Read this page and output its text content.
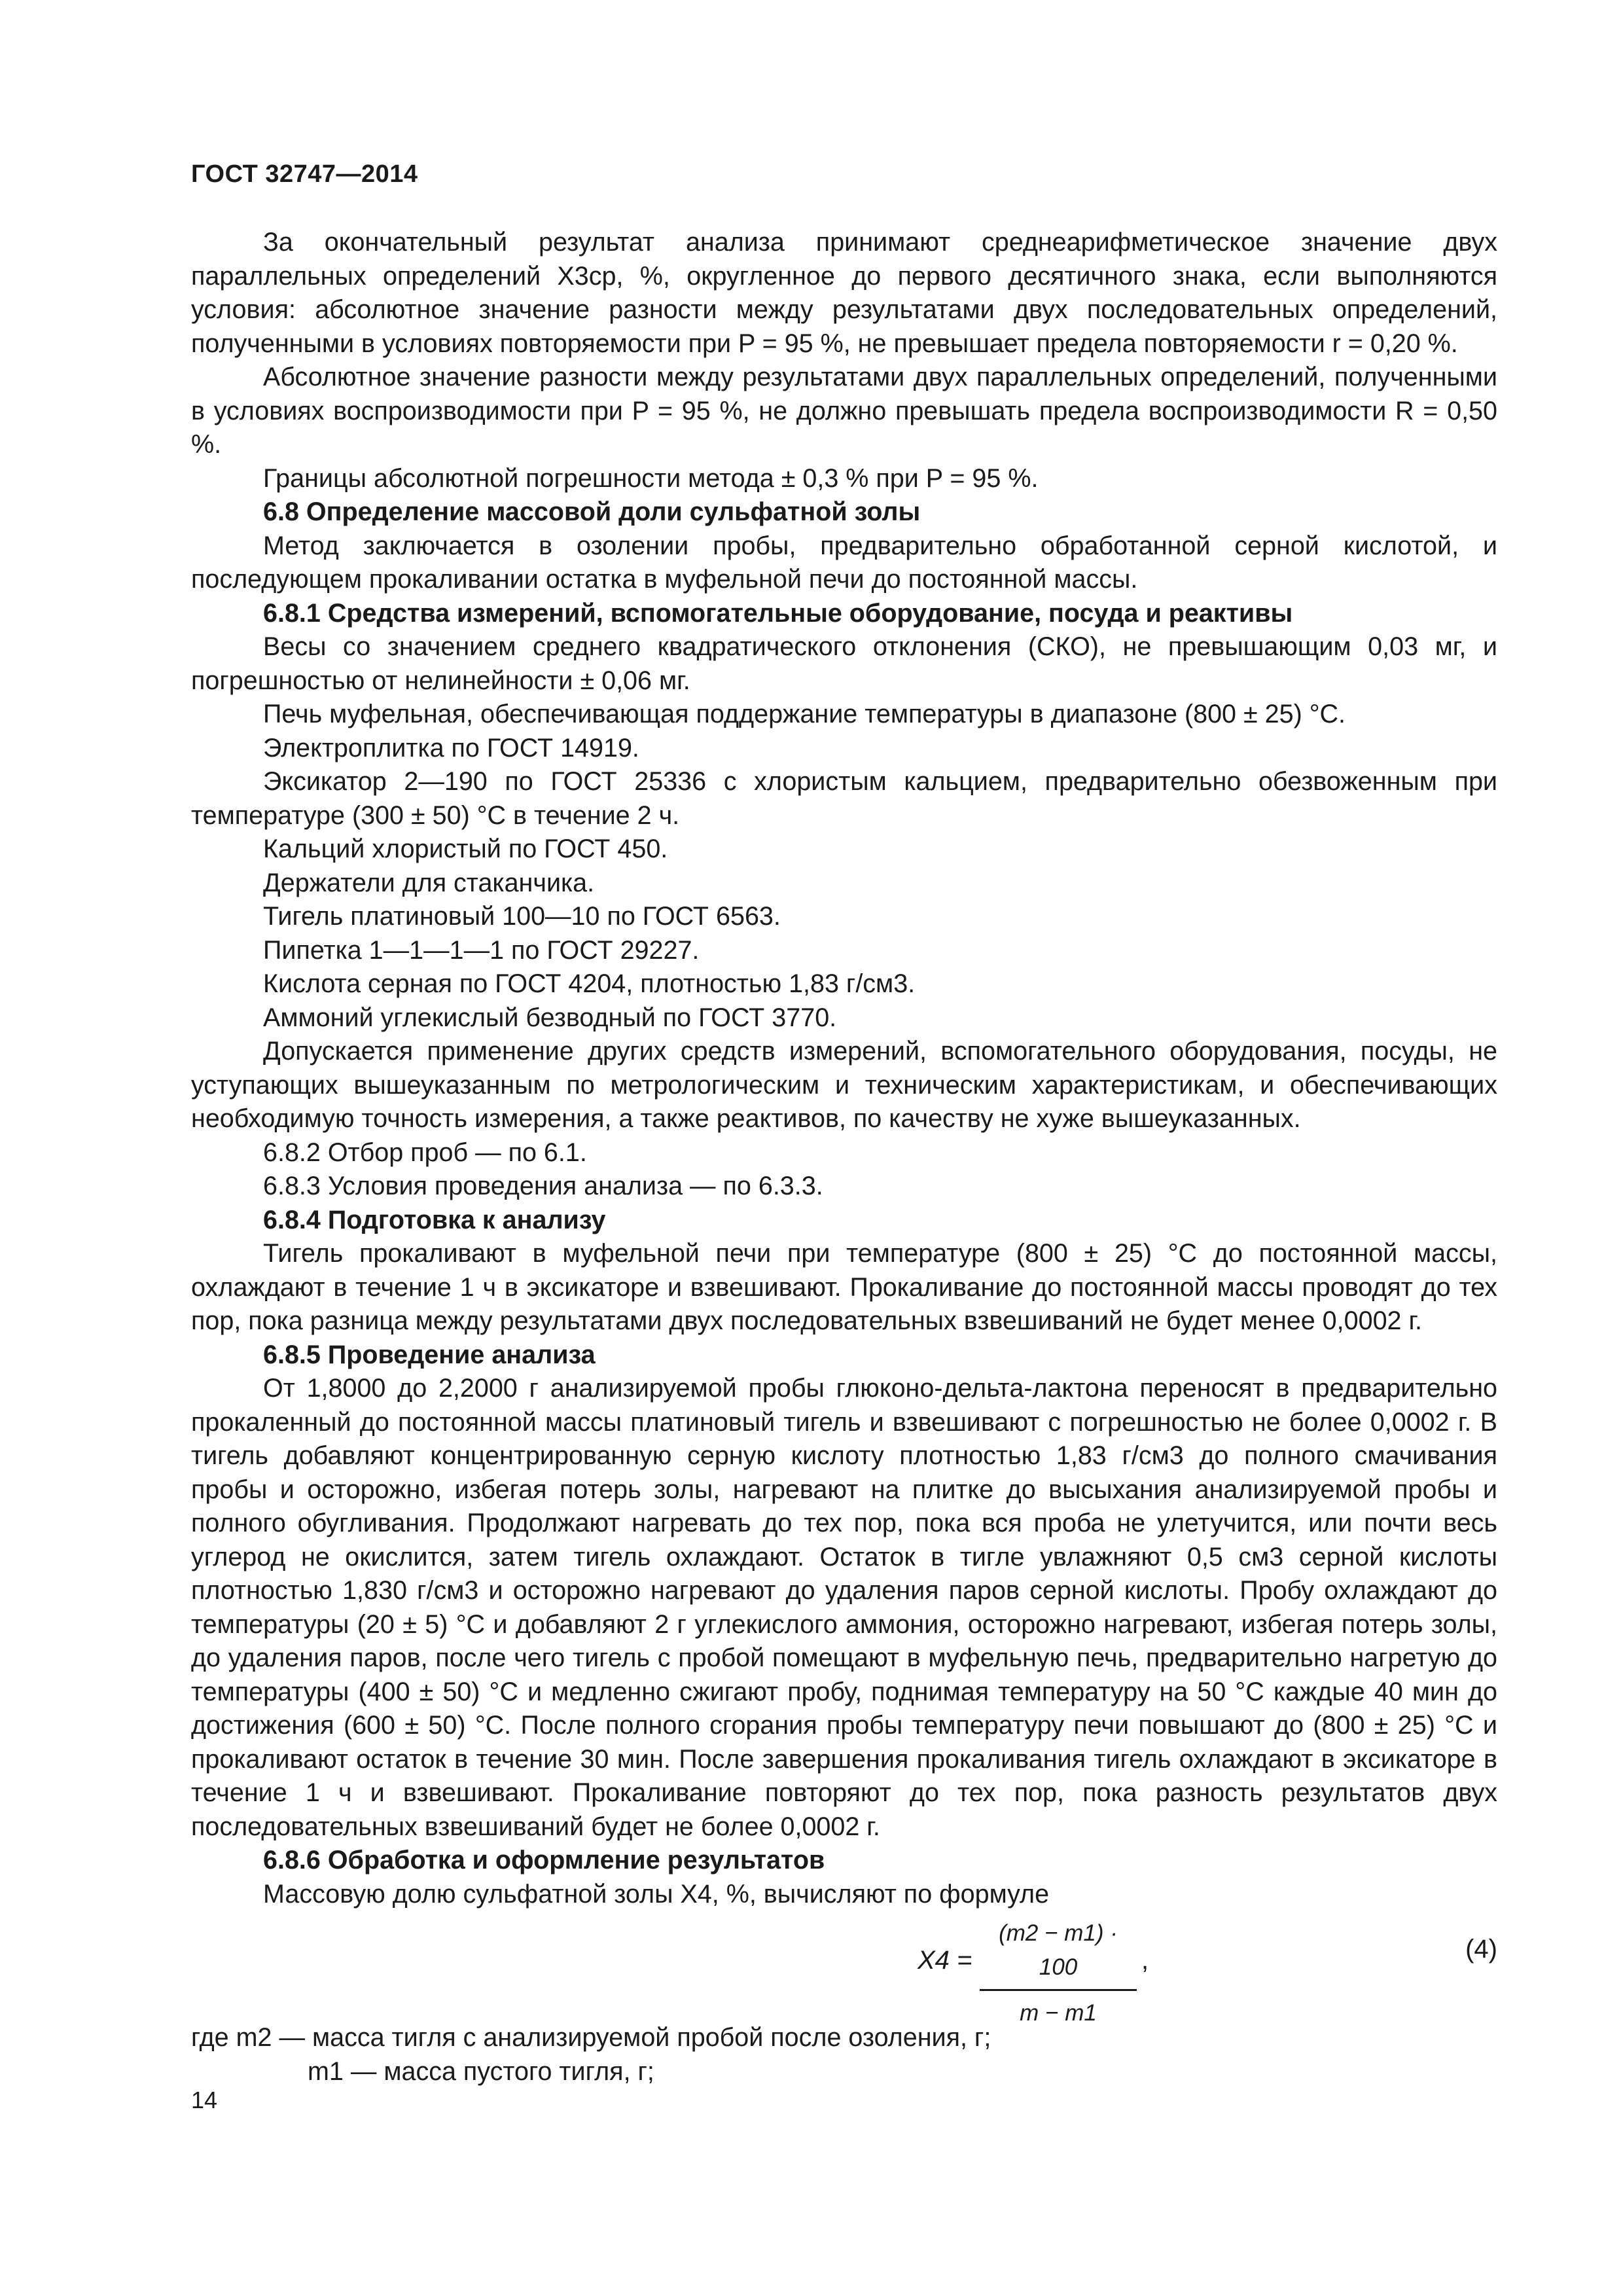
ГОСТ 32747—2014

За окончательный результат анализа принимают среднеарифметическое значение двух параллельных определений X3ср, %, округленное до первого десятичного знака, если выполняются условия: абсолютное значение разности между результатами двух последовательных определений, полученными в условиях повторяемости при P = 95 %, не превышает предела повторяемости r = 0,20 %.

Абсолютное значение разности между результатами двух параллельных определений, полученными в условиях воспроизводимости при P = 95 %, не должно превышать предела воспроизводимости R = 0,50 %.

Границы абсолютной погрешности метода ± 0,3 % при P = 95 %.

6.8 Определение массовой доли сульфатной золы

Метод заключается в озолении пробы, предварительно обработанной серной кислотой, и последующем прокаливании остатка в муфельной печи до постоянной массы.

6.8.1 Средства измерений, вспомогательные оборудование, посуда и реактивы

Весы со значением среднего квадратического отклонения (СКО), не превышающим 0,03 мг, и погрешностью от нелинейности ± 0,06 мг.

Печь муфельная, обеспечивающая поддержание температуры в диапазоне (800 ± 25) °С.

Электроплитка по ГОСТ 14919.

Эксикатор 2—190 по ГОСТ 25336 с хлористым кальцием, предварительно обезвоженным при температуре (300 ± 50) °С в течение 2 ч.

Кальций хлористый по ГОСТ 450.

Держатели для стаканчика.

Тигель платиновый 100—10 по ГОСТ 6563.

Пипетка 1—1—1—1 по ГОСТ 29227.

Кислота серная по ГОСТ 4204, плотностью 1,83 г/см3.

Аммоний углекислый безводный по ГОСТ 3770.

Допускается применение других средств измерений, вспомогательного оборудования, посуды, не уступающих вышеуказанным по метрологическим и техническим характеристикам, и обеспечивающих необходимую точность измерения, а также реактивов, по качеству не хуже вышеуказанных.

6.8.2 Отбор проб — по 6.1.

6.8.3 Условия проведения анализа — по 6.3.3.

6.8.4 Подготовка к анализу

Тигель прокаливают в муфельной печи при температуре (800 ± 25) °С до постоянной массы, охлаждают в течение 1 ч в эксикаторе и взвешивают. Прокаливание до постоянной массы проводят до тех пор, пока разница между результатами двух последовательных взвешиваний не будет менее 0,0002 г.

6.8.5 Проведение анализа

От 1,8000 до 2,2000 г анализируемой пробы глюконо-дельта-лактона переносят в предварительно прокаленный до постоянной массы платиновый тигель и взвешивают с погрешностью не более 0,0002 г. В тигель добавляют концентрированную серную кислоту плотностью 1,83 г/см3 до полного смачивания пробы и осторожно, избегая потерь золы, нагревают на плитке до высыхания анализируемой пробы и полного обугливания. Продолжают нагревать до тех пор, пока вся проба не улетучится, или почти весь углерод не окислится, затем тигель охлаждают. Остаток в тигле увлажняют 0,5 см3 серной кислоты плотностью 1,830 г/см3 и осторожно нагревают до удаления паров серной кислоты. Пробу охлаждают до температуры (20 ± 5) °С и добавляют 2 г углекислого аммония, осторожно нагревают, избегая потерь золы, до удаления паров, после чего тигель с пробой помещают в муфельную печь, предварительно нагретую до температуры (400 ± 50) °С и медленно сжигают пробу, поднимая температуру на 50 °С каждые 40 мин до достижения (600 ± 50) °С. После полного сгорания пробы температуру печи повышают до (800 ± 25) °С и прокаливают остаток в течение 30 мин. После завершения прокаливания тигель охлаждают в эксикаторе в течение 1 ч и взвешивают. Прокаливание повторяют до тех пор, пока разность результатов двух последовательных взвешиваний будет не более 0,0002 г.

6.8.6 Обработка и оформление результатов

Массовую долю сульфатной золы X4, %, вычисляют по формуле

$X4 = \frac{(m2 - m1) \cdot 100}{m - m1}$ ,	(4)

где m2 — масса тигля с анализируемой пробой после озоления, г;

m1 — масса пустого тигля, г;

14
